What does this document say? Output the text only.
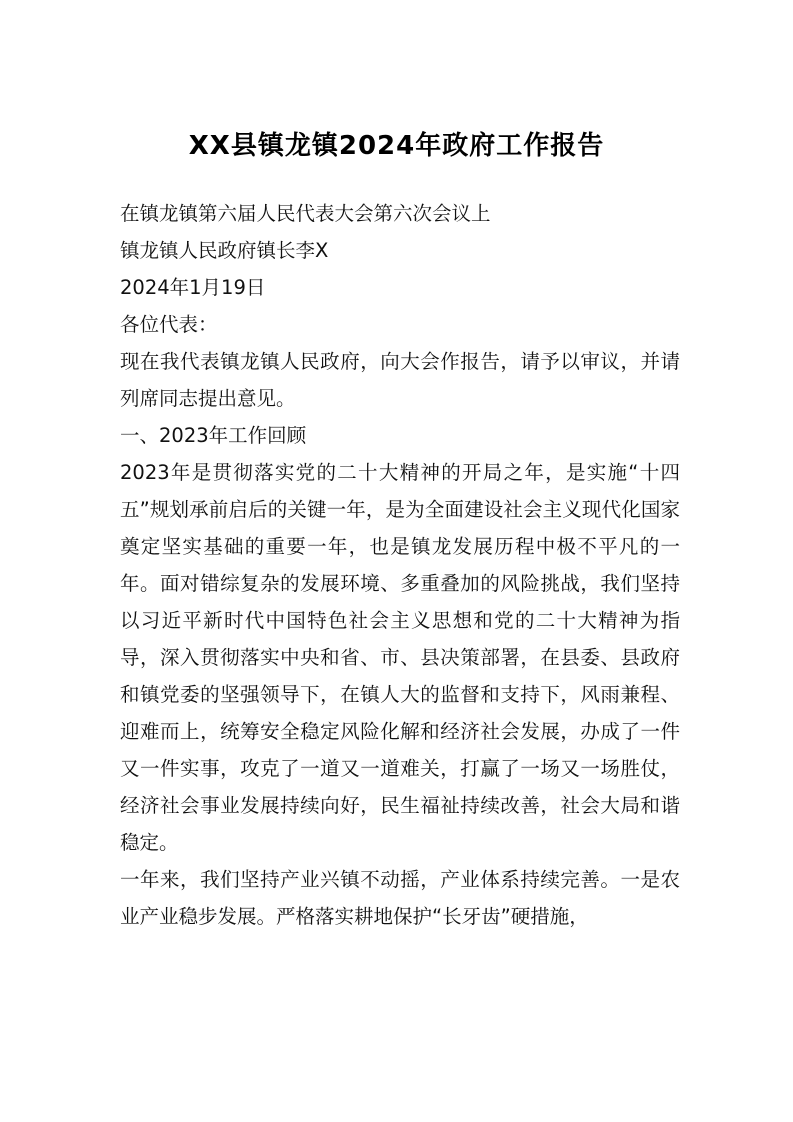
XX县镇龙镇2024年政府工作报告

在镇龙镇第六届人民代表大会第六次会议上

镇龙镇人民政府镇长李X

2024年1月19日

各位代表：

现在我代表镇龙镇人民政府，向大会作报告，请予以审议，并请列席同志提出意见。

一、2023年工作回顾

2023年是贯彻落实党的二十大精神的开局之年，是实施“十四五”规划承前启后的关键一年，是为全面建设社会主义现代化国家奠定坚实基础的重要一年，也是镇龙发展历程中极不平凡的一年。面对错综复杂的发展环境、多重叠加的风险挑战，我们坚持以习近平新时代中国特色社会主义思想和党的二十大精神为指导，深入贯彻落实中央和省、市、县决策部署，在县委、县政府和镇党委的坚强领导下，在镇人大的监督和支持下，风雨兼程、迎难而上，统筹安全稳定风险化解和经济社会发展，办成了一件又一件实事，攻克了一道又一道难关，打赢了一场又一场胜仗，经济社会事业发展持续向好，民生福祉持续改善，社会大局和谐稳定。

一年来，我们坚持产业兴镇不动摇，产业体系持续完善。一是农业产业稳步发展。严格落实耕地保护“长牙齿”硬措施，
